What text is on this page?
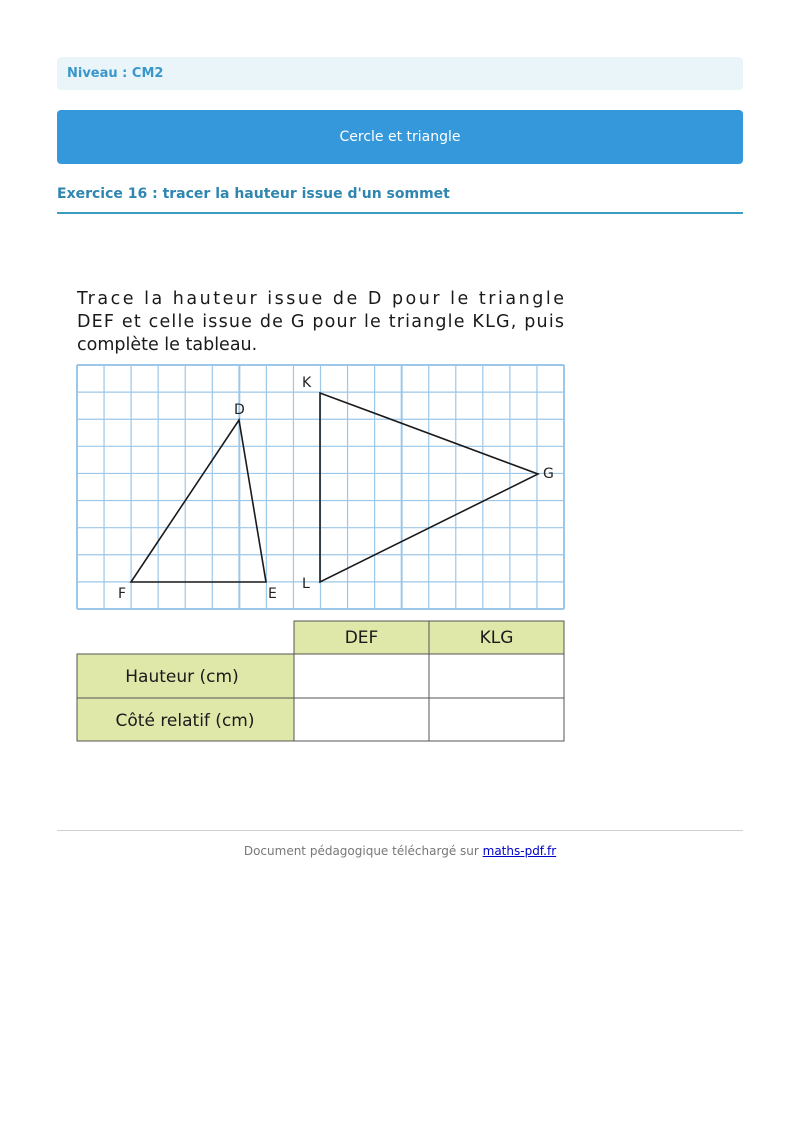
Niveau : CM2
Cercle et triangle
Exercice 16 : tracer la hauteur issue d'un sommet
Trace la hauteur issue de D pour le triangle
DEF et celle issue de G pour le triangle KLG, puis
complète le tableau.
D
E
F
K
L
G
DEF	KLG
Hauteur (cm)
Côté relatif (cm)
Document pédagogique téléchargé sur maths-pdf.fr
